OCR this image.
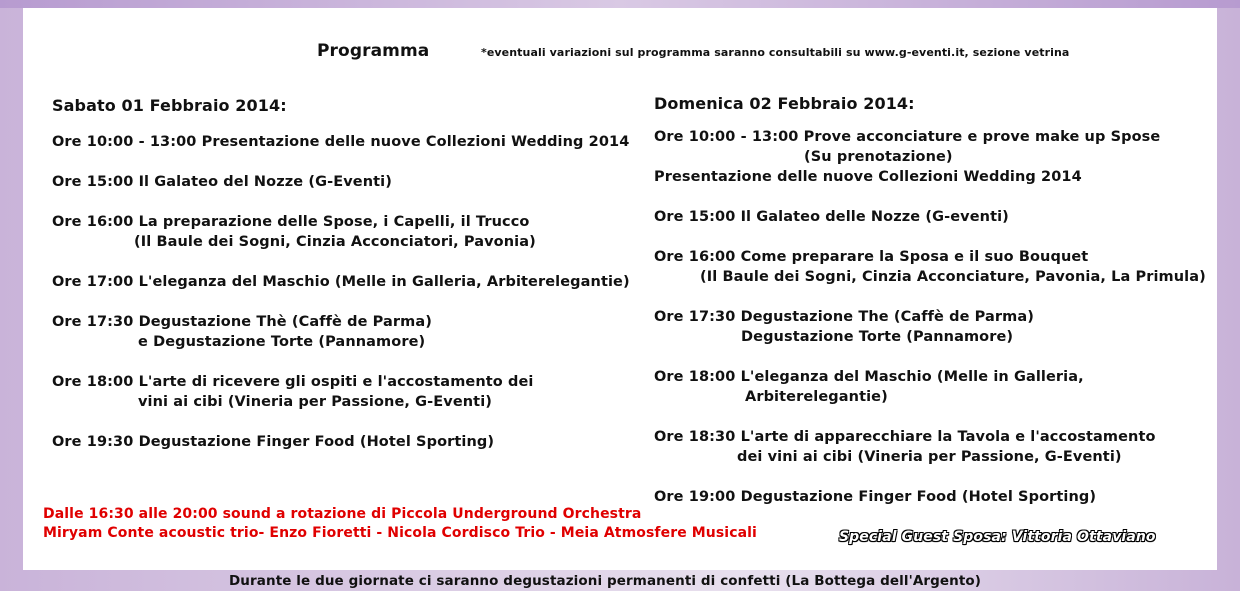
Programma	*eventuali variazioni sul programma saranno consultabili su www.g-eventi.it, sezione vetrina
Sabato 01 Febbraio 2014:
Ore 10:00 - 13:00 Presentazione delle nuove Collezioni Wedding 2014
Ore 15:00 Il Galateo del Nozze (G-Eventi)
Ore 16:00 La preparazione delle Spose, i Capelli, il Trucco
(Il Baule dei Sogni, Cinzia Acconciatori, Pavonia)
Ore 17:00 L'eleganza del Maschio (Melle in Galleria, Arbiterelegantie)
Ore 17:30 Degustazione Thè (Caffè de Parma)
e Degustazione Torte (Pannamore)
Ore 18:00 L'arte di ricevere gli ospiti e l'accostamento dei
vini ai cibi (Vineria per Passione, G-Eventi)
Ore 19:30 Degustazione Finger Food (Hotel Sporting)
Domenica 02 Febbraio 2014:
Ore 10:00 - 13:00 Prove acconciature e prove make up Spose
(Su prenotazione)
Presentazione delle nuove Collezioni Wedding 2014
Ore 15:00 Il Galateo delle Nozze (G-eventi)
Ore 16:00 Come preparare la Sposa e il suo Bouquet
(Il Baule dei Sogni, Cinzia Acconciature, Pavonia, La Primula)
Ore 17:30 Degustazione The (Caffè de Parma)
Degustazione Torte (Pannamore)
Ore 18:00 L'eleganza del Maschio (Melle in Galleria,
Arbiterelegantie)
Ore 18:30 L'arte di apparecchiare la Tavola e l'accostamento
dei vini ai cibi (Vineria per Passione, G-Eventi)
Ore 19:00 Degustazione Finger Food (Hotel Sporting)
Dalle 16:30 alle 20:00 sound a rotazione di Piccola Underground Orchestra
Miryam Conte acoustic trio- Enzo Fioretti - Nicola Cordisco Trio - Meia Atmosfere Musicali	Special Guest Sposa: Vittoria Ottaviano
Durante le due giornate ci saranno degustazioni permanenti di confetti (La Bottega dell'Argento)
